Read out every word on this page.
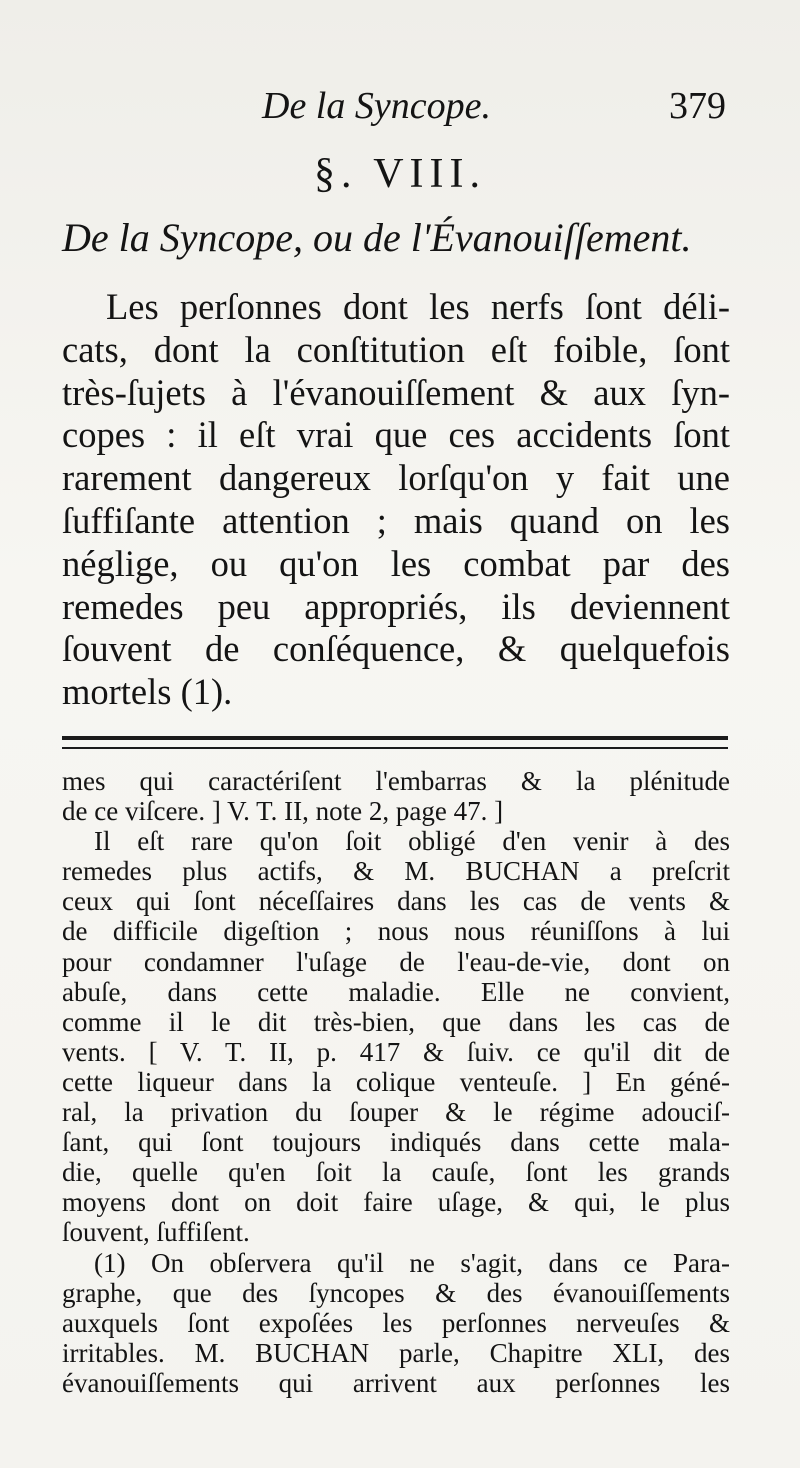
De la Syncope.	379
§. VIII.
De la Syncope, ou de l'Évanouiſſement.
Les perſonnes dont les nerfs ſont déli-
cats, dont la conſtitution eſt foible, ſont
très-ſujets à l'évanouiſſement & aux ſyn-
copes : il eſt vrai que ces accidents ſont
rarement dangereux lorſqu'on y fait une
ſuffiſante attention ; mais quand on les
néglige, ou qu'on les combat par des
remedes peu appropriés, ils deviennent
ſouvent de conſéquence, & quelquefois
mortels (1).
mes qui caractériſent l'embarras & la plénitude
de ce viſcere. ] V. T. II, note 2, page 47. ]
Il eſt rare qu'on ſoit obligé d'en venir à des
remedes plus actifs, & M. BUCHAN a preſcrit
ceux qui ſont néceſſaires dans les cas de vents &
de difficile digeſtion ; nous nous réuniſſons à lui
pour condamner l'uſage de l'eau-de-vie, dont on
abuſe, dans cette maladie. Elle ne convient,
comme il le dit très-bien, que dans les cas de
vents. [ V. T. II, p. 417 & ſuiv. ce qu'il dit de
cette liqueur dans la colique venteuſe. ] En géné-
ral, la privation du ſouper & le régime adouciſ-
ſant, qui ſont toujours indiqués dans cette mala-
die, quelle qu'en ſoit la cauſe, ſont les grands
moyens dont on doit faire uſage, & qui, le plus
ſouvent, ſuffiſent.
(1) On obſervera qu'il ne s'agit, dans ce Para-
graphe, que des ſyncopes & des évanouiſſements
auxquels ſont expoſées les perſonnes nerveuſes &
irritables. M. BUCHAN parle, Chapitre XLI, des
évanouiſſements qui arrivent aux perſonnes les
